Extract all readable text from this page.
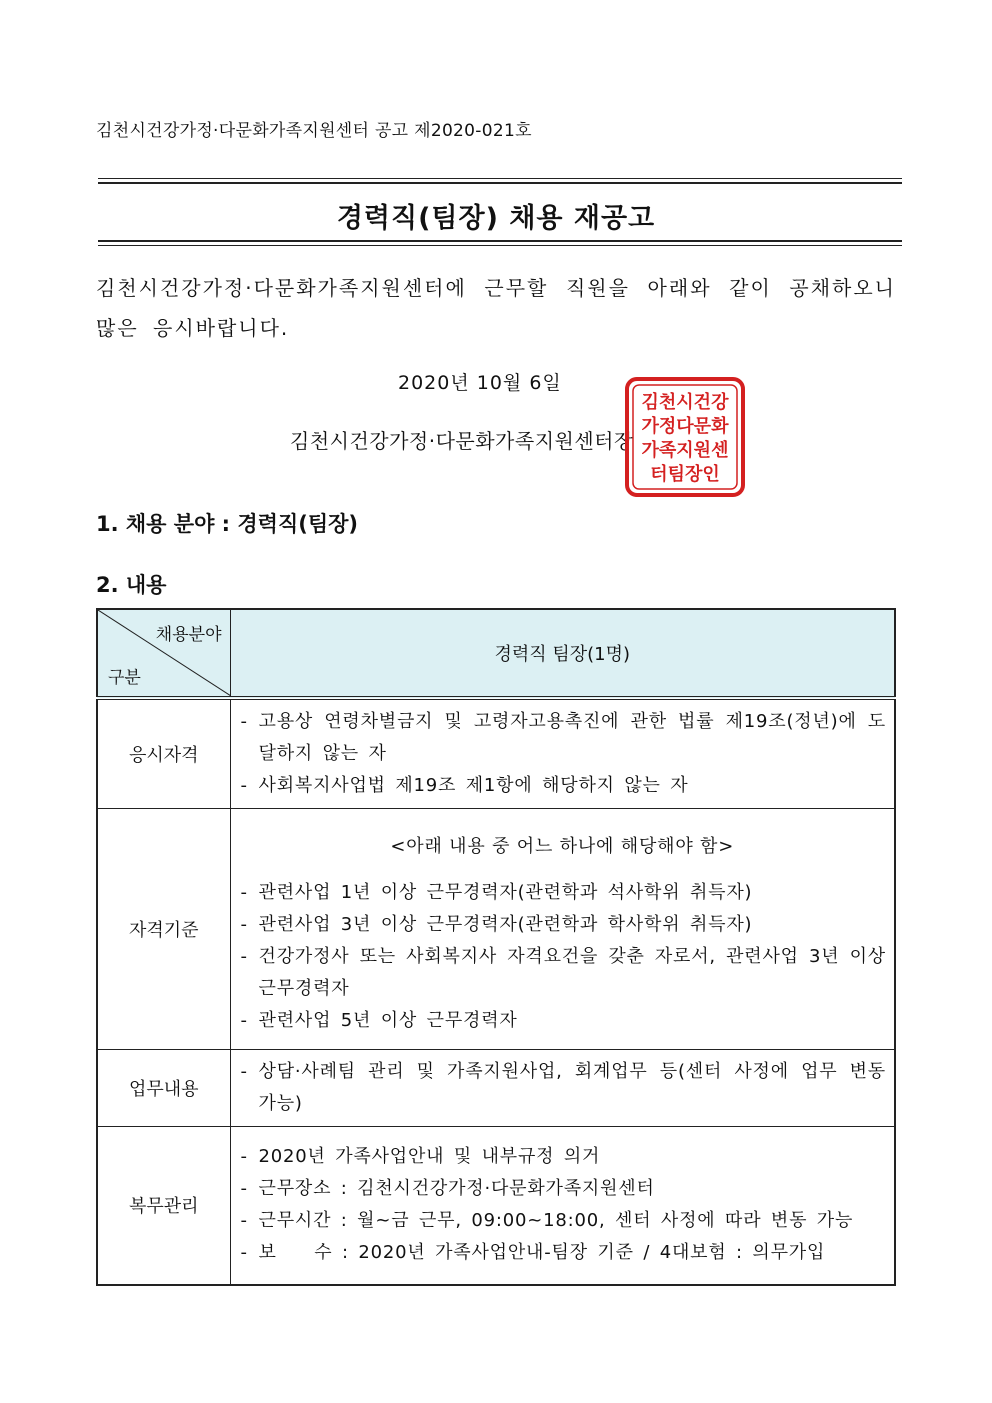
김천시건강가정·다문화가족지원센터 공고 제2020-021호
경력직(팀장) 채용 재공고
김천시건강가정·다문화가족지원센터에 근무할 직원을 아래와 같이 공채하오니 많은 응시바랍니다.
2020년 10월 6일
김천시건강가정·다문화가족지원센터장
김천시건강
가정다문화
가족지원센
터팀장인
1. 채용 분야 : 경력직(팀장)
2. 내용
채용분야
구분	경력직 팀장(1명)
응시자격	- 고용상 연령차별금지 및 고령자고용촉진에 관한 법률 제19조(정년)에 도달하지 않는 자
- 사회복지사업법 제19조 제1항에 해당하지 않는 자

자격기준	<아래 내용 중 어느 하나에 해당해야 함>
- 관련사업 1년 이상 근무경력자(관련학과 석사학위 취득자)
- 관련사업 3년 이상 근무경력자(관련학과 학사학위 취득자)
- 건강가정사 또는 사회복지사 자격요건을 갖춘 자로서, 관련사업 3년 이상 근무경력자
- 관련사업 5년 이상 근무경력자

업무내용	- 상담·사례팀 관리 및 가족지원사업, 회계업무 등(센터 사정에 업무 변동 가능)

복무관리	- 2020년 가족사업안내 및 내부규정 의거
- 근무장소 : 김천시건강가정·다문화가족지원센터
- 근무시간 : 월~금 근무, 09:00~18:00, 센터 사정에 따라 변동 가능
- 보　　수 : 2020년 가족사업안내-팀장 기준 / 4대보험 : 의무가입
